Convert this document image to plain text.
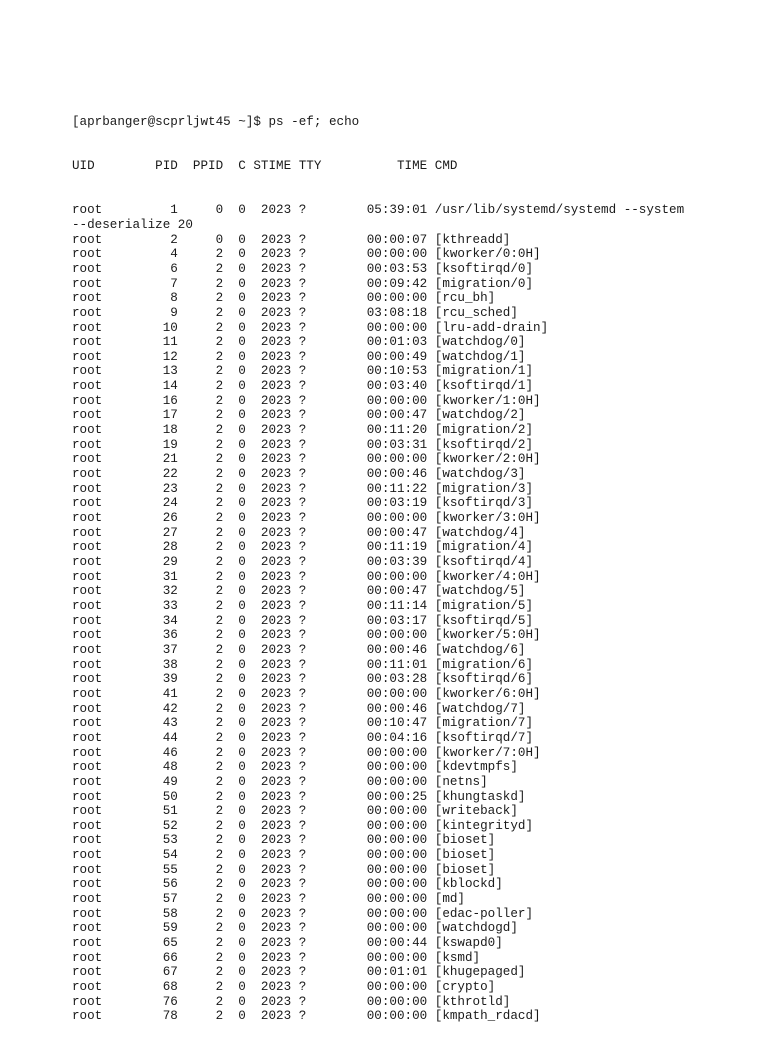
[aprbanger@scprljwt45 ~]$ ps -ef; echo

UID        PID  PPID  C STIME TTY          TIME CMD

root         1     0  0  2023 ?        05:39:01 /usr/lib/systemd/systemd --system
--deserialize 20
root         2     0  0  2023 ?        00:00:07 [kthreadd]
root         4     2  0  2023 ?        00:00:00 [kworker/0:0H]
root         6     2  0  2023 ?        00:03:53 [ksoftirqd/0]
root         7     2  0  2023 ?        00:09:42 [migration/0]
root         8     2  0  2023 ?        00:00:00 [rcu_bh]
root         9     2  0  2023 ?        03:08:18 [rcu_sched]
root        10     2  0  2023 ?        00:00:00 [lru-add-drain]
root        11     2  0  2023 ?        00:01:03 [watchdog/0]
root        12     2  0  2023 ?        00:00:49 [watchdog/1]
root        13     2  0  2023 ?        00:10:53 [migration/1]
root        14     2  0  2023 ?        00:03:40 [ksoftirqd/1]
root        16     2  0  2023 ?        00:00:00 [kworker/1:0H]
root        17     2  0  2023 ?        00:00:47 [watchdog/2]
root        18     2  0  2023 ?        00:11:20 [migration/2]
root        19     2  0  2023 ?        00:03:31 [ksoftirqd/2]
root        21     2  0  2023 ?        00:00:00 [kworker/2:0H]
root        22     2  0  2023 ?        00:00:46 [watchdog/3]
root        23     2  0  2023 ?        00:11:22 [migration/3]
root        24     2  0  2023 ?        00:03:19 [ksoftirqd/3]
root        26     2  0  2023 ?        00:00:00 [kworker/3:0H]
root        27     2  0  2023 ?        00:00:47 [watchdog/4]
root        28     2  0  2023 ?        00:11:19 [migration/4]
root        29     2  0  2023 ?        00:03:39 [ksoftirqd/4]
root        31     2  0  2023 ?        00:00:00 [kworker/4:0H]
root        32     2  0  2023 ?        00:00:47 [watchdog/5]
root        33     2  0  2023 ?        00:11:14 [migration/5]
root        34     2  0  2023 ?        00:03:17 [ksoftirqd/5]
root        36     2  0  2023 ?        00:00:00 [kworker/5:0H]
root        37     2  0  2023 ?        00:00:46 [watchdog/6]
root        38     2  0  2023 ?        00:11:01 [migration/6]
root        39     2  0  2023 ?        00:03:28 [ksoftirqd/6]
root        41     2  0  2023 ?        00:00:00 [kworker/6:0H]
root        42     2  0  2023 ?        00:00:46 [watchdog/7]
root        43     2  0  2023 ?        00:10:47 [migration/7]
root        44     2  0  2023 ?        00:04:16 [ksoftirqd/7]
root        46     2  0  2023 ?        00:00:00 [kworker/7:0H]
root        48     2  0  2023 ?        00:00:00 [kdevtmpfs]
root        49     2  0  2023 ?        00:00:00 [netns]
root        50     2  0  2023 ?        00:00:25 [khungtaskd]
root        51     2  0  2023 ?        00:00:00 [writeback]
root        52     2  0  2023 ?        00:00:00 [kintegrityd]
root        53     2  0  2023 ?        00:00:00 [bioset]
root        54     2  0  2023 ?        00:00:00 [bioset]
root        55     2  0  2023 ?        00:00:00 [bioset]
root        56     2  0  2023 ?        00:00:00 [kblockd]
root        57     2  0  2023 ?        00:00:00 [md]
root        58     2  0  2023 ?        00:00:00 [edac-poller]
root        59     2  0  2023 ?        00:00:00 [watchdogd]
root        65     2  0  2023 ?        00:00:44 [kswapd0]
root        66     2  0  2023 ?        00:00:00 [ksmd]
root        67     2  0  2023 ?        00:01:01 [khugepaged]
root        68     2  0  2023 ?        00:00:00 [crypto]
root        76     2  0  2023 ?        00:00:00 [kthrotld]
root        78     2  0  2023 ?        00:00:00 [kmpath_rdacd]
